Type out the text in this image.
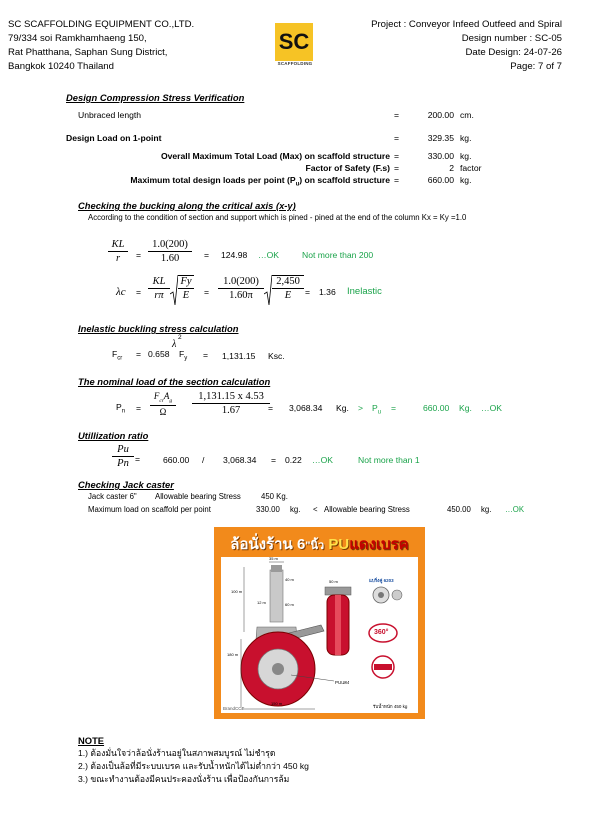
SC SCAFFOLDING EQUIPMENT CO.,LTD.
79/334 soi Ramkhamhaeng 150,
Rat Phatthana, Saphan Sung District,
Bangkok 10240 Thailand
SC
SCAFFOLDING
Project : Conveyor Infeed Outfeed and Spiral
Design number : SC-05
Date Design: 24-07-26
Page: 7 of 7
Design Compression Stress Verification
Unbraced length	=	200.00 cm.
Design Load on 1-point	=	329.35 kg.
Overall Maximum Total Load (Max) on scaffold structure =	330.00 kg.
Factor of Safety (F.s) =	2 factor
Maximum total design loads per point $(P_u)$ on scaffold structure =	660.00 kg.
Checking the bucking along the critical axis (x-y)
According to the condition of section and support which is pined - pined at the end of the column Kx = Ky =1.0
$\frac{KL}{r} = \frac{1.0(200)}{1.60} = 124.98$ …OK	Not more than 200
$\lambda c = \frac{KL}{r\pi}$ Fy
E	= $\frac{1.0(200)}{1.60\pi}$	2,450
E	= 1.36 Inelastic
Inelastic buckling stress calculation
$F_{cr} = 0.658$
λ
2
$F_y = 1,131.15$ Ksc.
The nominal load of the section calculation
$P_n$ =
$F_{cr}A_g$
Ω	$\frac{1,131.15 x 4.53}{1.67}$
= 3,068.34 Kg. > $P_u$ =	660.00 Kg. …OK
Utillization ratio
$\frac{Pu}{Pn}$ =	660.00 / 3,068.34 = 0.22 …OK	Not more than 1
Checking Jack caster
Jack caster 6" Allowable bearing Stress	450 Kg.
Maximum load on scaffold per point	330.00 kg. < Allowable bearing Stress	450.00 kg. …OK
ล้อนั่งร้าน 6"นิ้ว PUแดงเบรค
35 m
100 m
40 m
12 m	60 m
180 m
150 m
50 m	แบริ่งคู่ 6203
360°
PUแดง
BrandCCT	รับน้ำหนัก 450 kg
NOTE
1.) ต้องมั่นใจว่าล้อนั่งร้านอยู่ในสภาพสมบูรณ์ ไม่ชำรุด
2.) ต้องเป็นล้อที่มีระบบเบรค และรับน้ำหนักได้ไม่ต่ำกว่า 450 kg
3.) ขณะทำงานต้องมีคนประคองนั่งร้าน เพื่อป้องกันการล้ม
